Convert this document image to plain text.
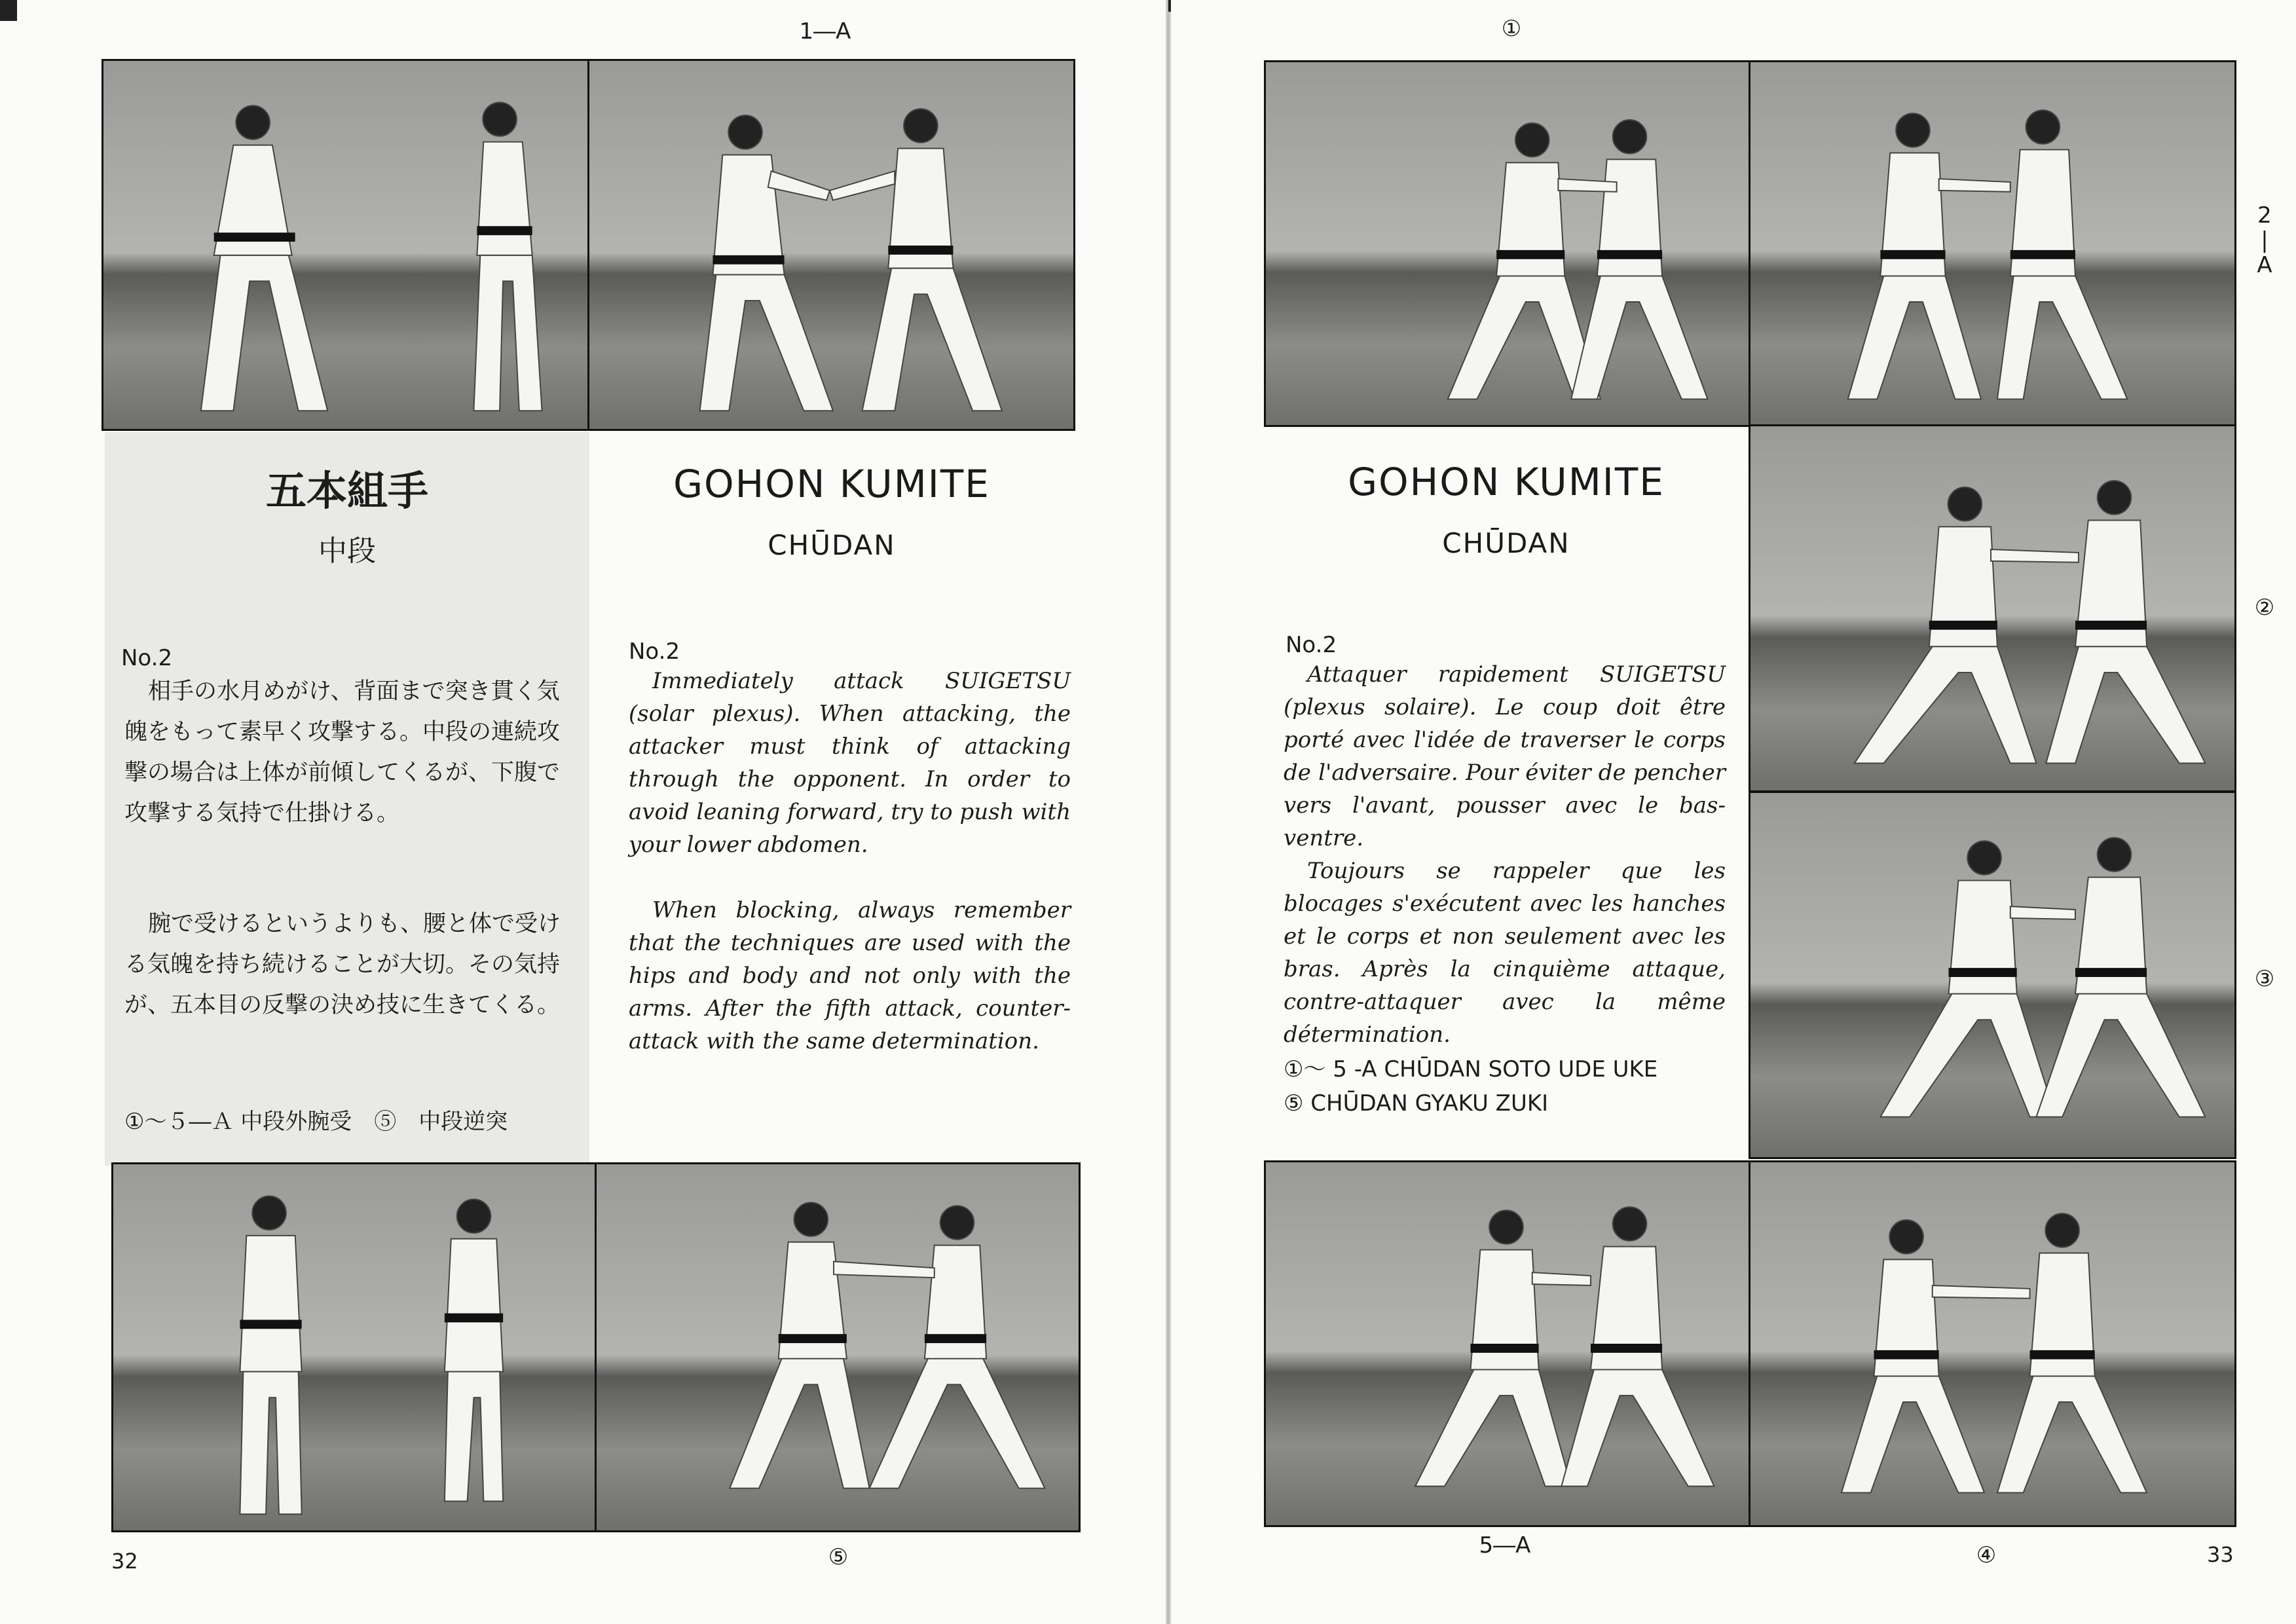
1―A
五本組手
中段
No.2

相手の水月めがけ、背面まで突き貫く気魄をもって素早く攻撃する。中段の連続攻撃の場合は上体が前傾してくるが、下腹で攻撃する気持で仕掛ける。

腕で受けるというよりも、腰と体で受ける気魄を持ち続けることが大切。その気持が、五本目の反撃の決め技に生きてくる。

①〜５―Ａ 中段外腕受　⑤　中段逆突
GOHON KUMITE
CHŪDAN
No.2

Immediately attack SUIGETSU (solar plexus). When attacking, the attacker must think of attacking through the opponent. In order to avoid leaning forward, try to push with your lower abdomen.

When blocking, always remember that the techniques are used with the hips and body and not only with the arms. After the fifth attack, counter-attack with the same determination.

32	⑤
①
GOHON KUMITE
CHŪDAN
No.2

Attaquer rapidement SUIGETSU (plexus solaire). Le coup doit être porté avec l'idée de traverser le corps de l'adversaire. Pour éviter de pencher vers l'avant, pousser avec le bas-ventre.

Toujours se rappeler que les blocages s'exécutent avec les hanches et le corps et non seulement avec les bras. Après la cinquième attaque, contre-attaquer avec la même détermination.

①～ 5 -A CHŪDAN SOTO UDE UKE
⑤ CHŪDAN GYAKU ZUKI
2
|
A
②
③
5―A	④	33
